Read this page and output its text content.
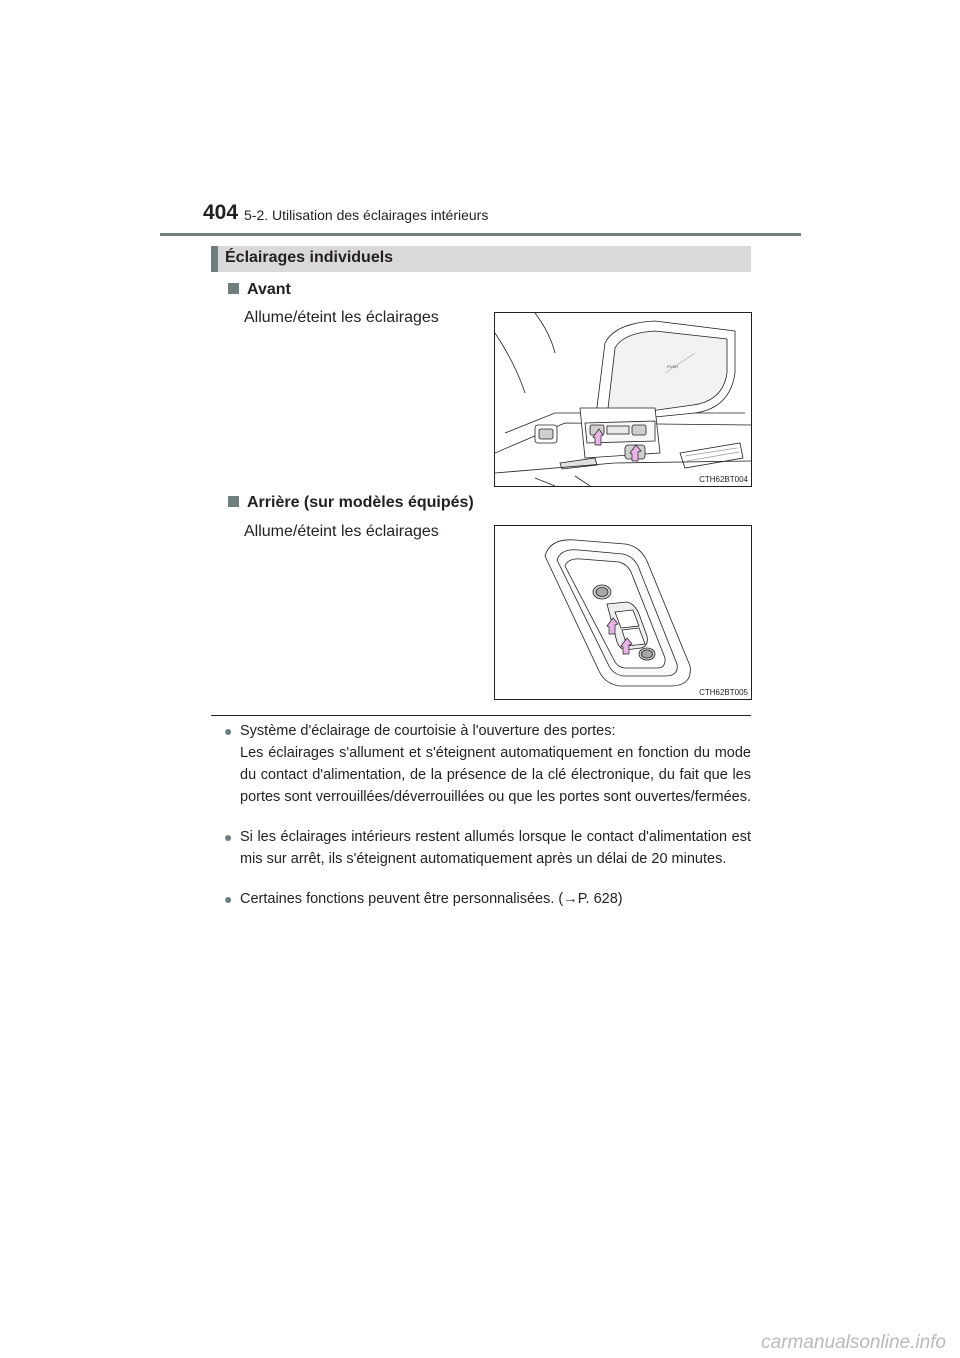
404 5-2. Utilisation des éclairages intérieurs
Éclairages individuels
Avant
Allume/éteint les éclairages
PUSH
CTH62BT004
Arrière (sur modèles équipés)
Allume/éteint les éclairages
CTH62BT005
● Système d'éclairage de courtoisie à l'ouverture des portes:
Les éclairages s'allument et s'éteignent automatiquement en fonction du mode du contact d'alimentation, de la présence de la clé électronique, du fait que les portes sont verrouillées/déverrouillées ou que les portes sont ouvertes/fermées.
● Si les éclairages intérieurs restent allumés lorsque le contact d'alimentation est mis sur arrêt, ils s'éteignent automatiquement après un délai de 20 minutes.
● Certaines fonctions peuvent être personnalisées. (→P. 628)
carmanualsonline.info
